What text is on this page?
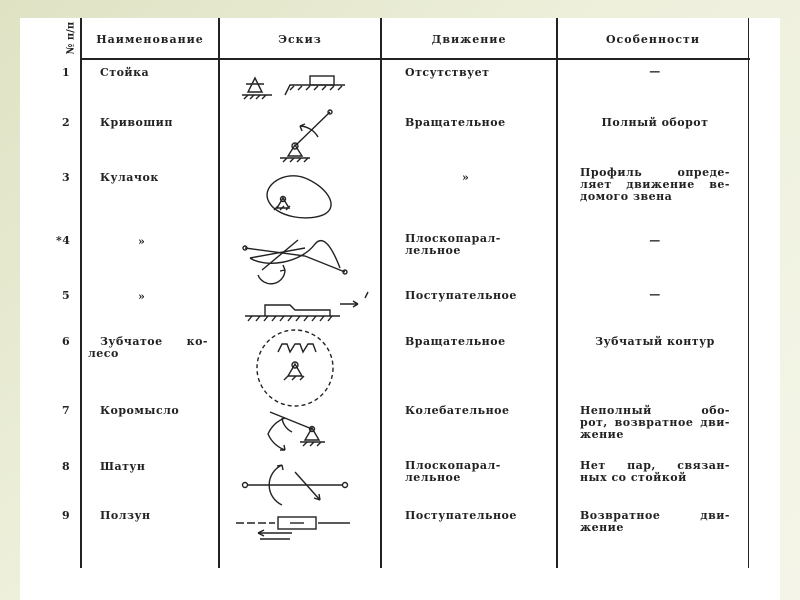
№ п/п	Наименование	Эскиз	Движение	Особенности
1	Стойка	Отсутствует	—
2	Кривошип	Вращательное	Полный оборот
3	Кулачок	»	Профиль опреде-
ляет движение ве-
домого звена
*4	»	Плоскопарал-
лельное
—
5	»	Поступательное	—
6	Зубчатое ко-
лесо
Вращательное	Зубчатый контур
7	Коромысло	Колебательное	Неполный обо-
рот, возвратное дви-
жение
8	Шатун	Плоскопарал-
лельное
Нет пар, связан-
ных со стойкой
9	Ползун	Поступательное	Возвратное дви-
жение
